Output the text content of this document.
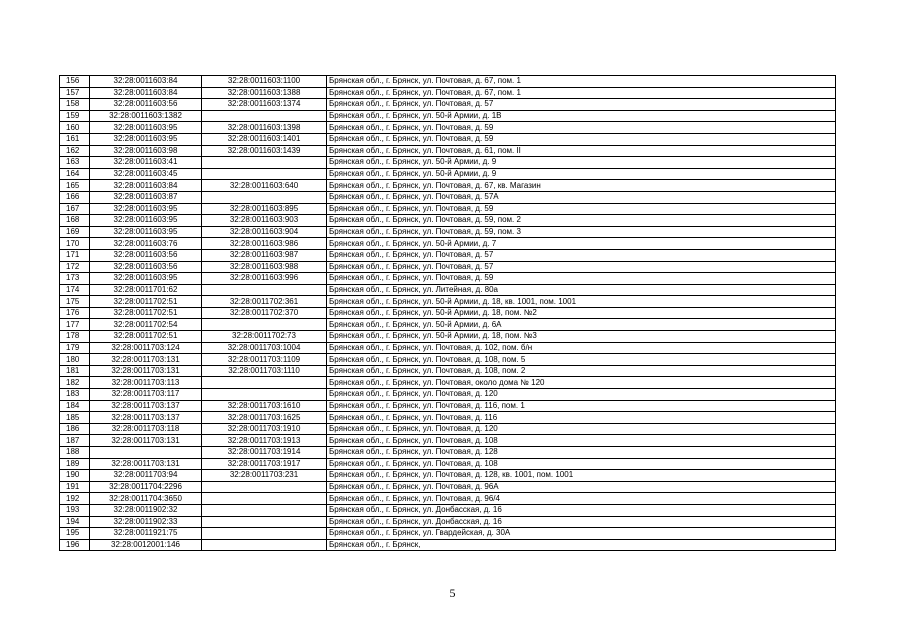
156	32:28:0011603:84	32:28:0011603:1100	Брянская обл., г. Брянск, ул. Почтовая, д. 67, пом. 1
157	32:28:0011603:84	32:28:0011603:1388	Брянская обл., г. Брянск, ул. Почтовая, д. 67, пом. 1
158	32:28:0011603:56	32:28:0011603:1374	Брянская обл., г. Брянск, ул. Почтовая, д. 57
159	32:28:0011603:1382		Брянская обл., г. Брянск, ул. 50-й Армии, д. 1В
160	32:28:0011603:95	32:28:0011603:1398	Брянская обл., г. Брянск, ул. Почтовая, д. 59
161	32:28:0011603:95	32:28:0011603:1401	Брянская обл., г. Брянск, ул. Почтовая, д. 59
162	32:28:0011603:98	32:28:0011603:1439	Брянская обл., г. Брянск, ул. Почтовая, д. 61, пом. II
163	32:28:0011603:41		Брянская обл., г. Брянск, ул. 50-й Армии, д. 9
164	32:28:0011603:45		Брянская обл., г. Брянск, ул. 50-й Армии, д. 9
165	32:28:0011603:84	32:28:0011603:640	Брянская обл., г. Брянск, ул. Почтовая, д. 67, кв. Магазин
166	32:28:0011603:87		Брянская обл., г. Брянск, ул. Почтовая, д. 57А
167	32:28:0011603:95	32:28:0011603:895	Брянская обл., г. Брянск, ул. Почтовая, д. 59
168	32:28:0011603:95	32:28:0011603:903	Брянская обл., г. Брянск, ул. Почтовая, д. 59, пом. 2
169	32:28:0011603:95	32:28:0011603:904	Брянская обл., г. Брянск, ул. Почтовая, д. 59, пом. 3
170	32:28:0011603:76	32:28:0011603:986	Брянская обл., г. Брянск, ул. 50-й Армии, д. 7
171	32:28:0011603:56	32:28:0011603:987	Брянская обл., г. Брянск, ул. Почтовая, д. 57
172	32:28:0011603:56	32:28:0011603:988	Брянская обл., г. Брянск, ул. Почтовая, д. 57
173	32:28:0011603:95	32:28:0011603:996	Брянская обл., г. Брянск, ул. Почтовая, д. 59
174	32:28:0011701:62		Брянская обл., г. Брянск, ул. Литейная, д. 80а
175	32:28:0011702:51	32:28:0011702:361	Брянская обл., г. Брянск, ул. 50-й Армии, д. 18, кв. 1001, пом. 1001
176	32:28:0011702:51	32:28:0011702:370	Брянская обл., г. Брянск, ул. 50-й Армии, д. 18, пом. №2
177	32:28:0011702:54		Брянская обл., г. Брянск, ул. 50-й Армии, д. 6А
178	32:28:0011702:51	32:28:0011702:73	Брянская обл., г. Брянск, ул. 50-й Армии, д. 18, пом. №3
179	32:28:0011703:124	32:28:0011703:1004	Брянская обл., г. Брянск, ул. Почтовая, д. 102, пом. б/н
180	32:28:0011703:131	32:28:0011703:1109	Брянская обл., г. Брянск, ул. Почтовая, д. 108, пом. 5
181	32:28:0011703:131	32:28:0011703:1110	Брянская обл., г. Брянск, ул. Почтовая, д. 108, пом. 2
182	32:28:0011703:113		Брянская обл., г. Брянск, ул. Почтовая, около дома № 120
183	32:28:0011703:117		Брянская обл., г. Брянск, ул. Почтовая, д. 120
184	32:28:0011703:137	32:28:0011703:1610	Брянская обл., г. Брянск, ул. Почтовая, д. 116, пом. 1
185	32:28:0011703:137	32:28:0011703:1625	Брянская обл., г. Брянск, ул. Почтовая, д. 116
186	32:28:0011703:118	32:28:0011703:1910	Брянская обл., г. Брянск, ул. Почтовая, д. 120
187	32:28:0011703:131	32:28:0011703:1913	Брянская обл., г. Брянск, ул. Почтовая, д. 108
188		32:28:0011703:1914	Брянская обл., г. Брянск, ул. Почтовая, д. 128
189	32:28:0011703:131	32:28:0011703:1917	Брянская обл., г. Брянск, ул. Почтовая, д. 108
190	32:28:0011703:94	32:28:0011703:231	Брянская обл., г. Брянск, ул. Почтовая, д. 128, кв. 1001, пом. 1001
191	32:28:0011704:2296		Брянская обл., г. Брянск, ул. Почтовая, д. 96А
192	32:28:0011704:3650		Брянская обл., г. Брянск, ул. Почтовая, д. 96/4
193	32:28:0011902:32		Брянская обл., г. Брянск, ул. Донбасская, д. 16
194	32:28:0011902:33		Брянская обл., г. Брянск, ул. Донбасская, д. 16
195	32:28:0011921:75		Брянская обл., г. Брянск, ул. Гвардейская, д. 30А
196	32:28:0012001:146		Брянская обл., г. Брянск,
5
